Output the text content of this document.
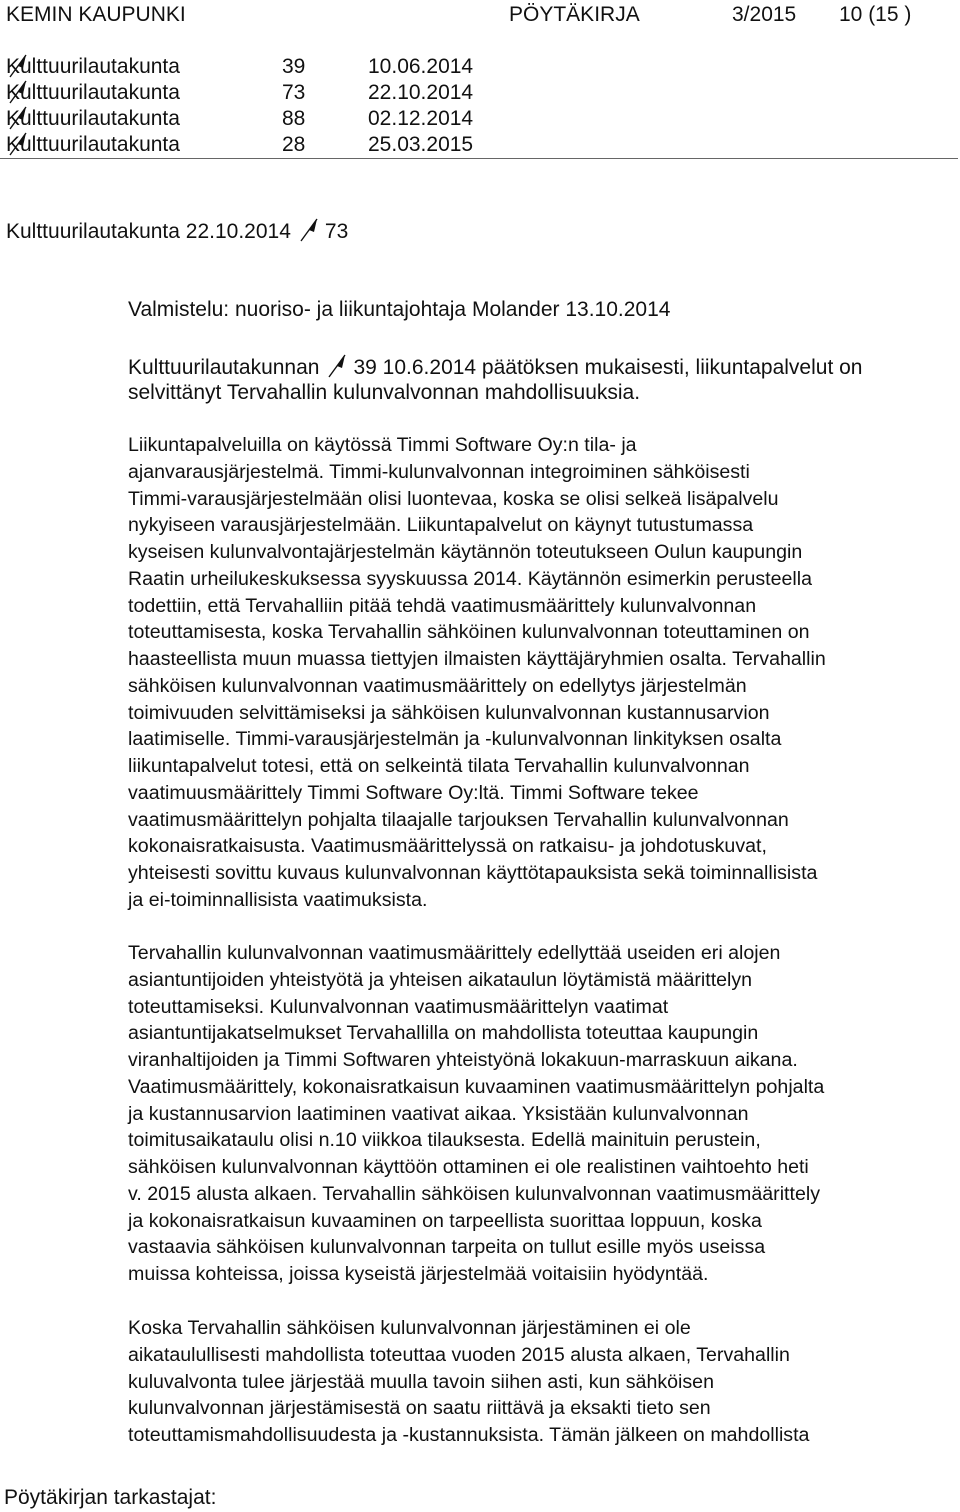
KEMIN KAUPUNKI	PÖYTÄKIRJA	3/2015 10 (15 )
Kulttuurilautakunta	39	10.06.2014
Kulttuurilautakunta	73	22.10.2014
Kulttuurilautakunta	88	02.12.2014
Kulttuurilautakunta	28	25.03.2015
Kulttuurilautakunta 22.10.2014 73
Valmistelu: nuoriso- ja liikuntajohtaja Molander 13.10.2014
Kulttuurilautakunnan 39 10.6.2014 päätöksen mukaisesti, liikuntapalvelut on
selvittänyt Tervahallin kulunvalvonnan mahdollisuuksia.

Liikuntapalveluilla on käytössä Timmi Software Oy:n tila- ja

ajanvarausjärjestelmä. Timmi-kulunvalvonnan integroiminen sähköisesti

Timmi-varausjärjestelmään olisi luontevaa, koska se olisi selkeä lisäpalvelu

nykyiseen varausjärjestelmään. Liikuntapalvelut on käynyt tutustumassa

kyseisen kulunvalvontajärjestelmän käytännön toteutukseen Oulun kaupungin

Raatin urheilukeskuksessa syyskuussa 2014. Käytännön esimerkin perusteella

todettiin, että Tervahalliin pitää tehdä vaatimusmäärittely kulunvalvonnan

toteuttamisesta, koska Tervahallin sähköinen kulunvalvonnan toteuttaminen on

haasteellista muun muassa tiettyjen ilmaisten käyttäjäryhmien osalta. Tervahallin

sähköisen kulunvalvonnan vaatimusmäärittely on edellytys järjestelmän

toimivuuden selvittämiseksi ja sähköisen kulunvalvonnan kustannusarvion

laatimiselle. Timmi-varausjärjestelmän ja -kulunvalvonnan linkityksen osalta

liikuntapalvelut totesi, että on selkeintä tilata Tervahallin kulunvalvonnan

vaatimuusmäärittely Timmi Software Oy:ltä. Timmi Software tekee

vaatimusmäärittelyn pohjalta tilaajalle tarjouksen Tervahallin kulunvalvonnan

kokonaisratkaisusta. Vaatimusmäärittelyssä on ratkaisu- ja johdotuskuvat,

yhteisesti sovittu kuvaus kulunvalvonnan käyttötapauksista sekä toiminnallisista

ja ei-toiminnallisista vaatimuksista.

Tervahallin kulunvalvonnan vaatimusmäärittely edellyttää useiden eri alojen

asiantuntijoiden yhteistyötä ja yhteisen aikataulun löytämistä määrittelyn

toteuttamiseksi. Kulunvalvonnan vaatimusmäärittelyn vaatimat

asiantuntijakatselmukset Tervahallilla on mahdollista toteuttaa kaupungin

viranhaltijoiden ja Timmi Softwaren yhteistyönä lokakuun-marraskuun aikana.

Vaatimusmäärittely, kokonaisratkaisun kuvaaminen vaatimusmäärittelyn pohjalta

ja kustannusarvion laatiminen vaativat aikaa. Yksistään kulunvalvonnan

toimitusaikataulu olisi n.10 viikkoa tilauksesta. Edellä mainituin perustein,

sähköisen kulunvalvonnan käyttöön ottaminen ei ole realistinen vaihtoehto heti

v. 2015 alusta alkaen. Tervahallin sähköisen kulunvalvonnan vaatimusmäärittely

ja kokonaisratkaisun kuvaaminen on tarpeellista suorittaa loppuun, koska

vastaavia sähköisen kulunvalvonnan tarpeita on tullut esille myös useissa

muissa kohteissa, joissa kyseistä järjestelmää voitaisiin hyödyntää.

Koska Tervahallin sähköisen kulunvalvonnan järjestäminen ei ole

aikataulullisesti mahdollista toteuttaa vuoden 2015 alusta alkaen, Tervahallin

kuluvalvonta tulee järjestää muulla tavoin siihen asti, kun sähköisen

kulunvalvonnan järjestämisestä on saatu riittävä ja eksakti tieto sen

toteuttamismahdollisuudesta ja -kustannuksista. Tämän jälkeen on mahdollista

Pöytäkirjan tarkastajat:
